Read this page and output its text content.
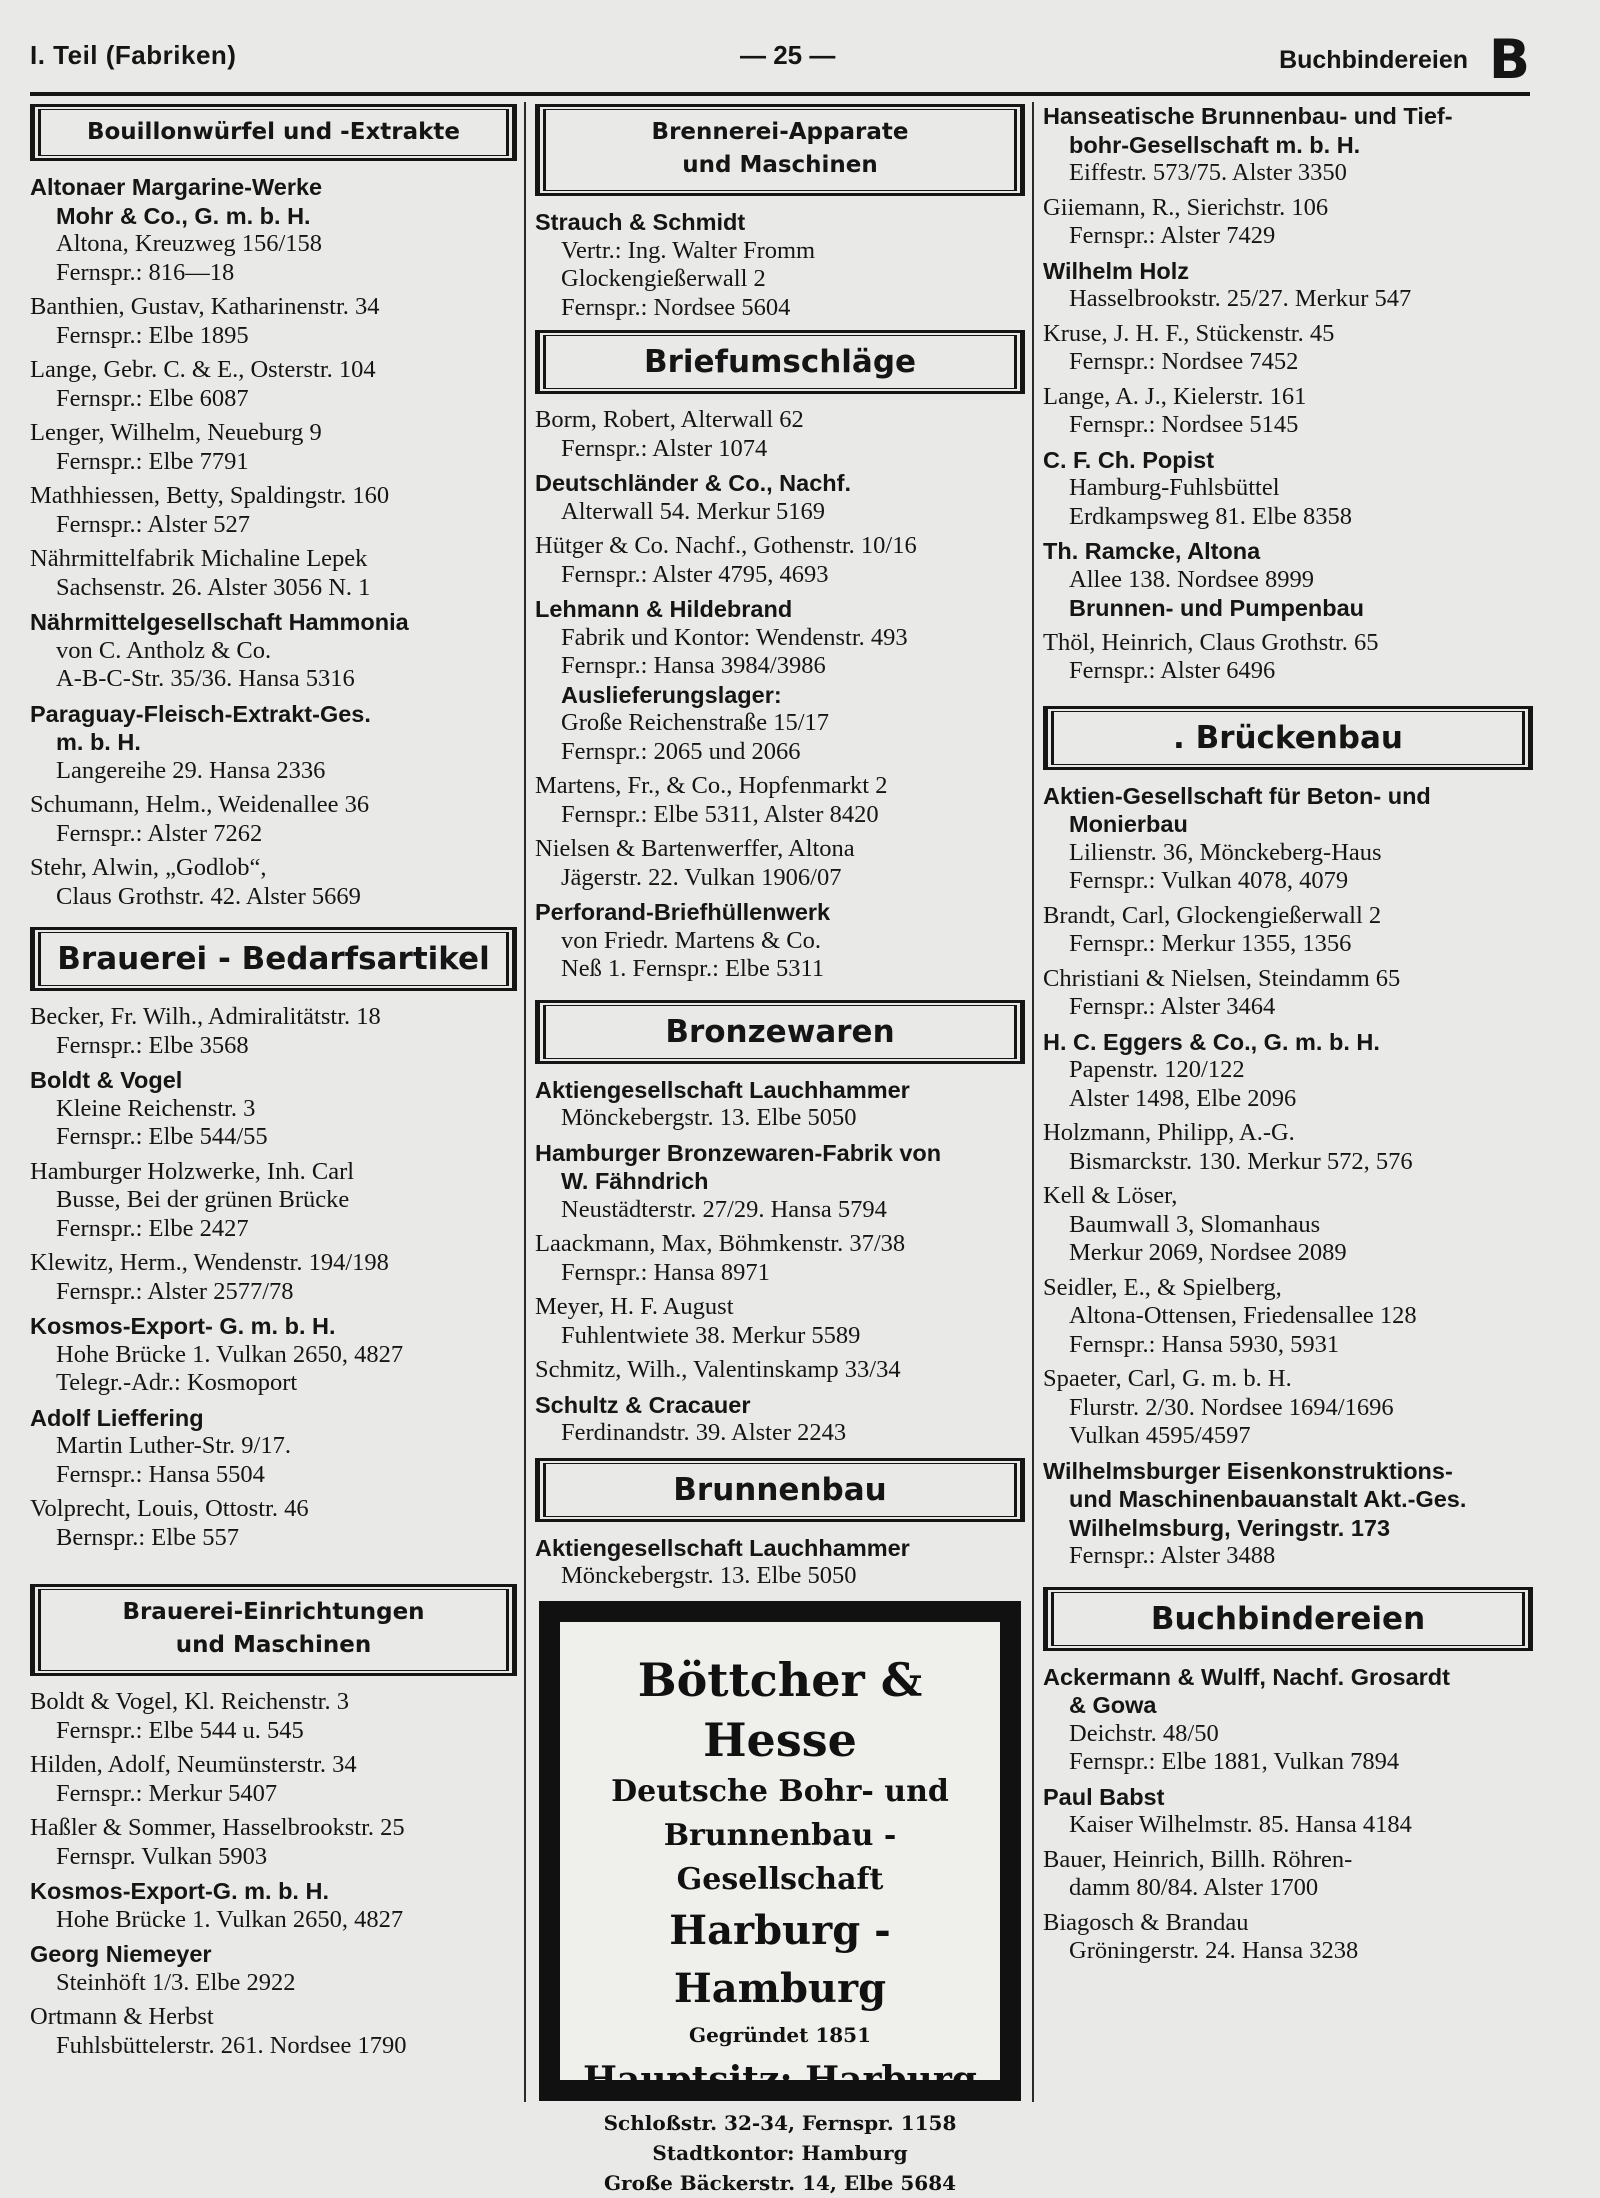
I. Teil (Fabriken)	— 25 —	Buchbindereien B
Bouillonwürfel und -Extrakte
Altonaer Margarine-Werke
Mohr & Co., G. m. b. H.
Altona, Kreuzweg 156/158
Fernspr.: 816—18
Banthien, Gustav, Katharinenstr. 34
Fernspr.: Elbe 1895
Lange, Gebr. C. & E., Osterstr. 104
Fernspr.: Elbe 6087
Lenger, Wilhelm, Neueburg 9
Fernspr.: Elbe 7791
Mathhiessen, Betty, Spaldingstr. 160
Fernspr.: Alster 527
Nährmittelfabrik Michaline Lepek
Sachsenstr. 26. Alster 3056 N. 1
Nährmittelgesellschaft Hammonia
von C. Antholz & Co.
A-B-C-Str. 35/36. Hansa 5316
Paraguay-Fleisch-Extrakt-Ges.
m. b. H.
Langereihe 29. Hansa 2336
Schumann, Helm., Weidenallee 36
Fernspr.: Alster 7262
Stehr, Alwin, „Godlob“,
Claus Grothstr. 42. Alster 5669
Brauerei - Bedarfsartikel
Becker, Fr. Wilh., Admiralitätstr. 18
Fernspr.: Elbe 3568
Boldt & Vogel
Kleine Reichenstr. 3
Fernspr.: Elbe 544/55
Hamburger Holzwerke, Inh. Carl
Busse, Bei der grünen Brücke
Fernspr.: Elbe 2427
Klewitz, Herm., Wendenstr. 194/198
Fernspr.: Alster 2577/78
Kosmos-Export- G. m. b. H.
Hohe Brücke 1. Vulkan 2650, 4827
Telegr.-Adr.: Kosmoport
Adolf Lieffering
Martin Luther-Str. 9/17.
Fernspr.: Hansa 5504
Volprecht, Louis, Ottostr. 46
Bernspr.: Elbe 557
Brauerei-Einrichtungen
und Maschinen
Boldt & Vogel, Kl. Reichenstr. 3
Fernspr.: Elbe 544 u. 545
Hilden, Adolf, Neumünsterstr. 34
Fernspr.: Merkur 5407
Haßler & Sommer, Hasselbrookstr. 25
Fernspr. Vulkan 5903
Kosmos-Export-G. m. b. H.
Hohe Brücke 1. Vulkan 2650, 4827
Georg Niemeyer
Steinhöft 1/3. Elbe 2922
Ortmann & Herbst
Fuhlsbüttelerstr. 261. Nordsee 1790
Brennerei-Apparate
und Maschinen
Strauch & Schmidt
Vertr.: Ing. Walter Fromm
Glockengießerwall 2
Fernspr.: Nordsee 5604
Briefumschläge
Borm, Robert, Alterwall 62
Fernspr.: Alster 1074
Deutschländer & Co., Nachf.
Alterwall 54. Merkur 5169
Hütger & Co. Nachf., Gothenstr. 10/16
Fernspr.: Alster 4795, 4693
Lehmann & Hildebrand
Fabrik und Kontor: Wendenstr. 493
Fernspr.: Hansa 3984/3986
Auslieferungslager:
Große Reichenstraße 15/17
Fernspr.: 2065 und 2066
Martens, Fr., & Co., Hopfenmarkt 2
Fernspr.: Elbe 5311, Alster 8420
Nielsen & Bartenwerffer, Altona
Jägerstr. 22. Vulkan 1906/07
Perforand-Briefhüllenwerk
von Friedr. Martens & Co.
Neß 1. Fernspr.: Elbe 5311
Bronzewaren
Aktiengesellschaft Lauchhammer
Mönckebergstr. 13. Elbe 5050
Hamburger Bronzewaren-Fabrik von
W. Fähndrich
Neustädterstr. 27/29. Hansa 5794
Laackmann, Max, Böhmkenstr. 37/38
Fernspr.: Hansa 8971
Meyer, H. F. August
Fuhlentwiete 38. Merkur 5589
Schmitz, Wilh., Valentinskamp 33/34
Schultz & Cracauer
Ferdinandstr. 39. Alster 2243
Brunnenbau
Aktiengesellschaft Lauchhammer
Mönckebergstr. 13. Elbe 5050
Böttcher & Hesse
Deutsche Bohr- und
Brunnenbau - Gesellschaft
Harburg - Hamburg
Gegründet 1851
Hauptsitz: Harburg
Schloßstr. 32-34, Fernspr. 1158
Stadtkontor: Hamburg
Große Bäckerstr. 14, Elbe 5684
Hanseatische Brunnenbau- und Tief-
bohr-Gesellschaft m. b. H.
Eiffestr. 573/75. Alster 3350
Giiemann, R., Sierichstr. 106
Fernspr.: Alster 7429
Wilhelm Holz
Hasselbrookstr. 25/27. Merkur 547
Kruse, J. H. F., Stückenstr. 45
Fernspr.: Nordsee 7452
Lange, A. J., Kielerstr. 161
Fernspr.: Nordsee 5145
C. F. Ch. Popist
Hamburg-Fuhlsbüttel
Erdkampsweg 81. Elbe 8358
Th. Ramcke, Altona
Allee 138. Nordsee 8999
Brunnen- und Pumpenbau
Thöl, Heinrich, Claus Grothstr. 65
Fernspr.: Alster 6496
. Brückenbau
Aktien-Gesellschaft für Beton- und
Monierbau
Lilienstr. 36, Mönckeberg-Haus
Fernspr.: Vulkan 4078, 4079
Brandt, Carl, Glockengießerwall 2
Fernspr.: Merkur 1355, 1356
Christiani & Nielsen, Steindamm 65
Fernspr.: Alster 3464
H. C. Eggers & Co., G. m. b. H.
Papenstr. 120/122
Alster 1498, Elbe 2096
Holzmann, Philipp, A.-G.
Bismarckstr. 130. Merkur 572, 576
Kell & Löser,
Baumwall 3, Slomanhaus
Merkur 2069, Nordsee 2089
Seidler, E., & Spielberg,
Altona-Ottensen, Friedensallee 128
Fernspr.: Hansa 5930, 5931
Spaeter, Carl, G. m. b. H.
Flurstr. 2/30. Nordsee 1694/1696
Vulkan 4595/4597
Wilhelmsburger Eisenkonstruktions-
und Maschinenbauanstalt Akt.-Ges.
Wilhelmsburg, Veringstr. 173
Fernspr.: Alster 3488
Buchbindereien
Ackermann & Wulff, Nachf. Grosardt
& Gowa
Deichstr. 48/50
Fernspr.: Elbe 1881, Vulkan 7894
Paul Babst
Kaiser Wilhelmstr. 85. Hansa 4184
Bauer, Heinrich, Billh. Röhren-
damm 80/84. Alster 1700
Biagosch & Brandau
Gröningerstr. 24. Hansa 3238
